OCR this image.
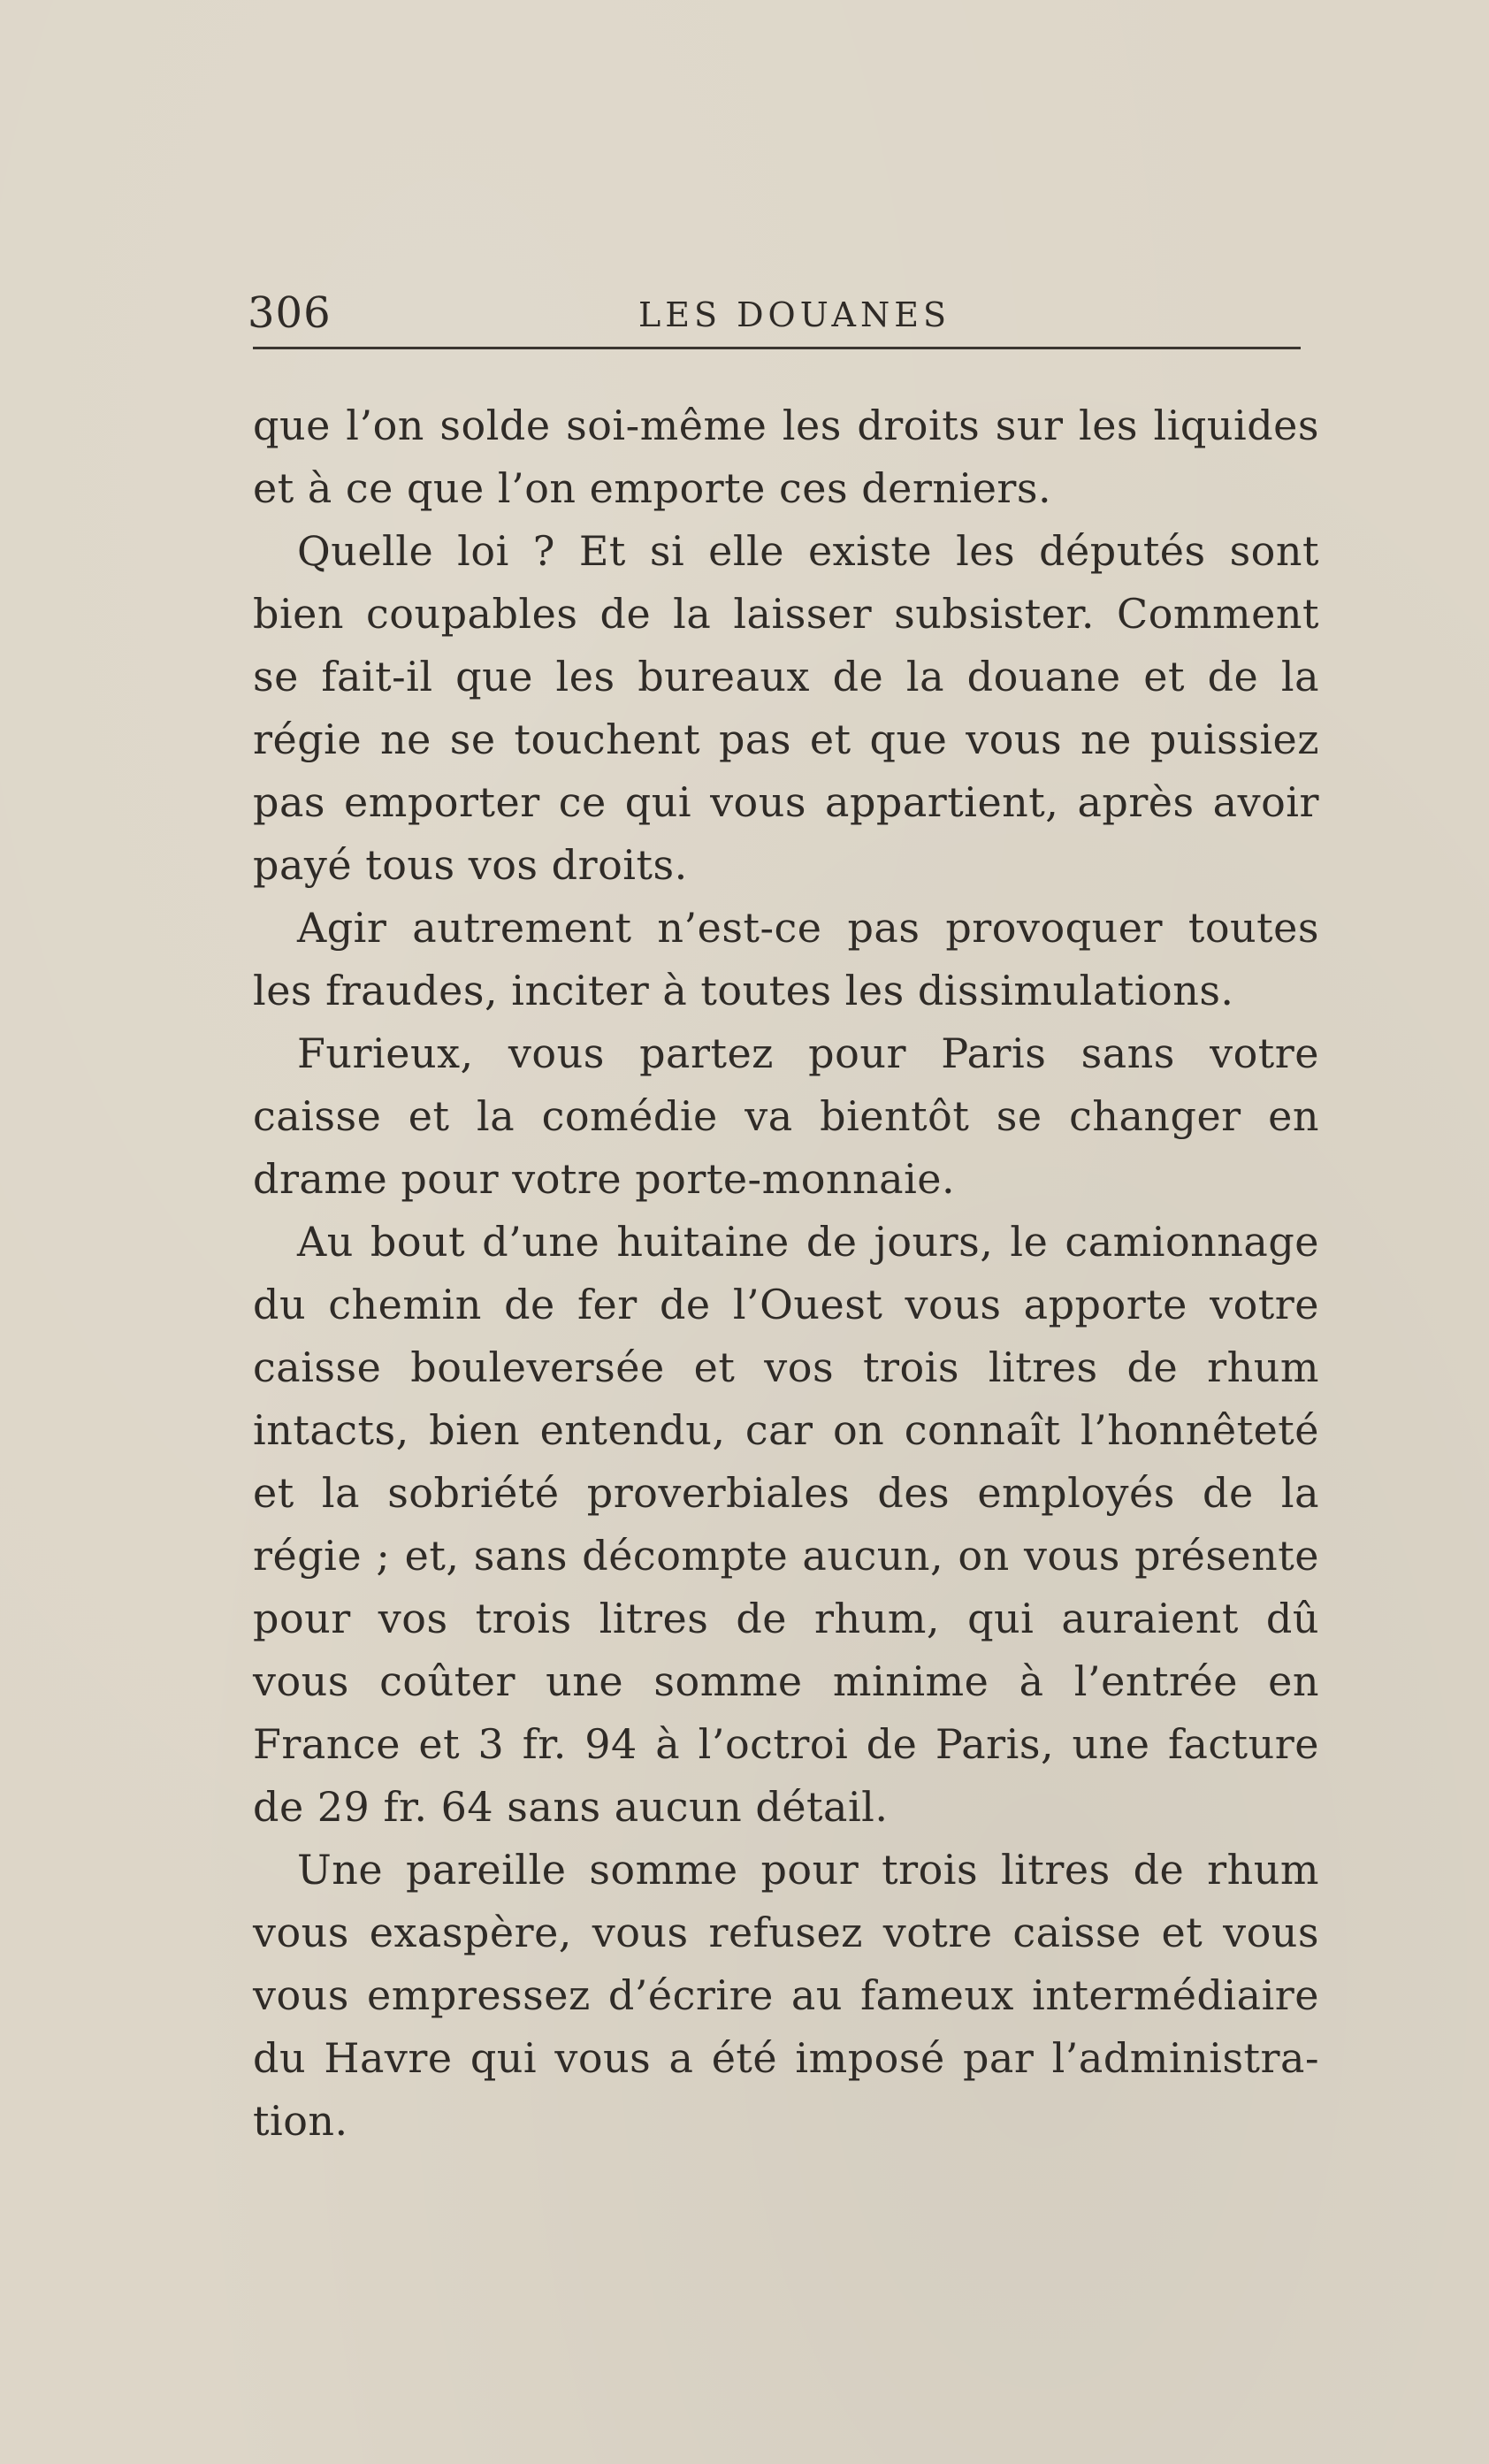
306	LES DOUANES
que l’on solde soi-même les droits sur les liquides
et à ce que l’on emporte ces derniers.
Quelle loi ? Et si elle existe les députés sont
bien coupables de la laisser subsister. Comment
se fait-il que les bureaux de la douane et de la
régie ne se touchent pas et que vous ne puissiez
pas emporter ce qui vous appartient, après avoir
payé tous vos droits.
Agir autrement n’est-ce pas provoquer toutes
les fraudes, inciter à toutes les dissimulations.
Furieux, vous partez pour Paris sans votre
caisse et la comédie va bientôt se changer en
drame pour votre porte-monnaie.
Au bout d’une huitaine de jours, le camionnage
du chemin de fer de l’Ouest vous apporte votre
caisse bouleversée et vos trois litres de rhum
intacts, bien entendu, car on connaît l’honnêteté
et la sobriété proverbiales des employés de la
régie ; et, sans décompte aucun, on vous présente
pour vos trois litres de rhum, qui auraient dû
vous coûter une somme minime à l’entrée en
France et 3 fr. 94 à l’octroi de Paris, une facture
de 29 fr. 64 sans aucun détail.
Une pareille somme pour trois litres de rhum
vous exaspère, vous refusez votre caisse et vous
vous empressez d’écrire au fameux intermédiaire
du Havre qui vous a été imposé par l’administra-
tion.
